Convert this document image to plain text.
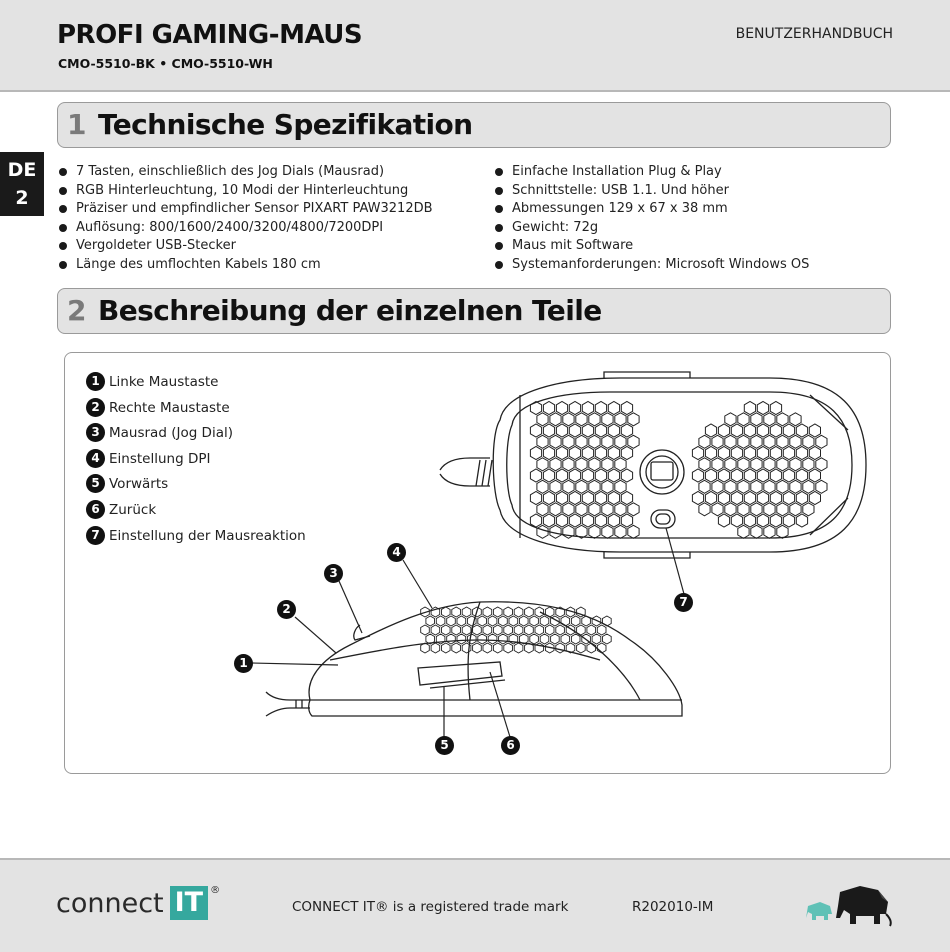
PROFI GAMING-MAUS
CMO-5510-BK • CMO-5510-WH
BENUTZERHANDBUCH
DE
2
1 Technische Spezifikation
7 Tasten, einschließlich des Jog Dials (Mausrad)
RGB Hinterleuchtung, 10 Modi der Hinterleuchtung
Präziser und empfindlicher Sensor PIXART PAW3212DB
Auflösung: 800/1600/2400/3200/4800/7200DPI
Vergoldeter USB-Stecker
Länge des umflochten Kabels 180 cm
Einfache Installation Plug & Play
Schnittstelle: USB 1.1. Und höher
Abmessungen 129 x 67 x 38 mm
Gewicht: 72g
Maus mit Software
Systemanforderungen: Microsoft Windows OS
2 Beschreibung der einzelnen Teile
1
2
3
4
5	6
7
1 Linke Maustaste
2 Rechte Maustaste
3 Mausrad (Jog Dial)
4 Einstellung DPI
5 Vorwärts
6 Zurück
7 Einstellung der Mausreaktion
connect IT ®
CONNECT IT® is a registered trade mark	R202010-IM
